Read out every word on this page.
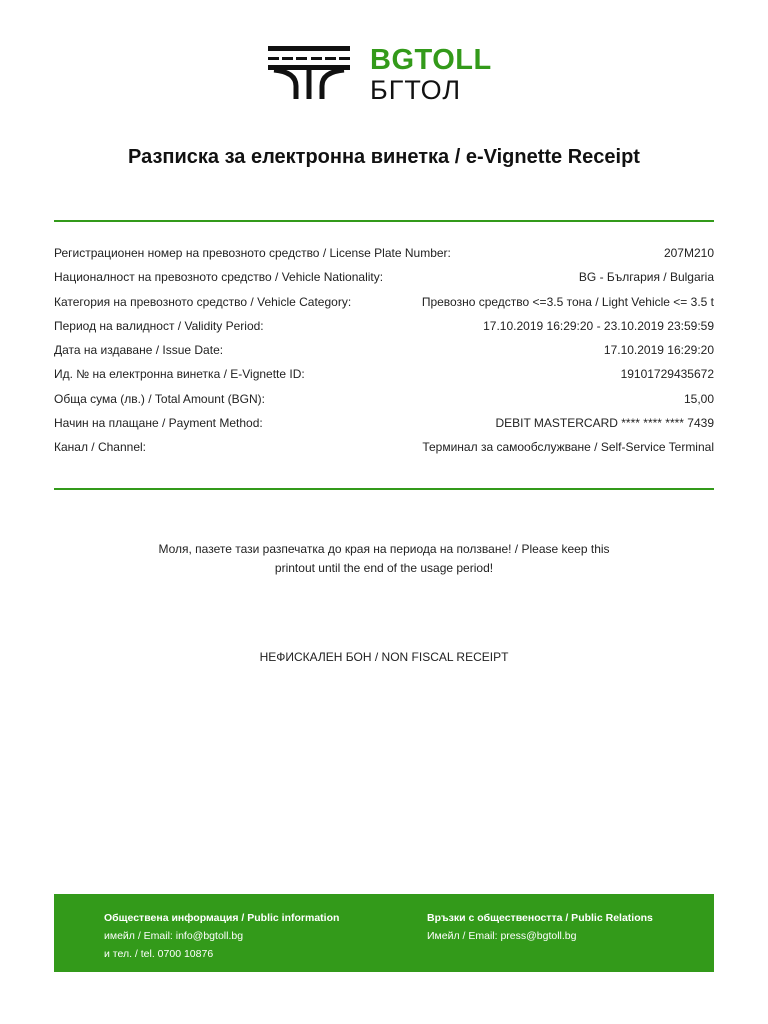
BGTOLL
БГТОЛ
Разписка за електронна винетка / e-Vignette Receipt
Регистрационен номер на превозното средство / License Plate Number:	207M210
Националност на превозното средство / Vehicle Nationality:	BG - България / Bulgaria
Категория на превозното средство / Vehicle Category:	Превозно средство <=3.5 тона / Light Vehicle <= 3.5 t
Период на валидност / Validity Period:	17.10.2019 16:29:20 - 23.10.2019 23:59:59
Дата на издаване / Issue Date:	17.10.2019 16:29:20
Ид. № на електронна винетка / E-Vignette ID:	19101729435672
Обща сума (лв.) / Total Amount (BGN):	15,00
Начин на плащане / Payment Method:	DEBIT MASTERCARD **** **** **** 7439
Канал / Channel:	Терминал за самообслужване / Self-Service Terminal
Моля, пазете тази разпечатка до края на периода на ползване! / Please keep this
printout until the end of the usage period!
НЕФИСКАЛЕН БОН / NON FISCAL RECEIPT
Обществена информация / Public information
имейл / Email: info@bgtoll.bg
и тел. / tel. 0700 10876
Връзки с обществеността / Public Relations
Имейл / Email: press@bgtoll.bg
